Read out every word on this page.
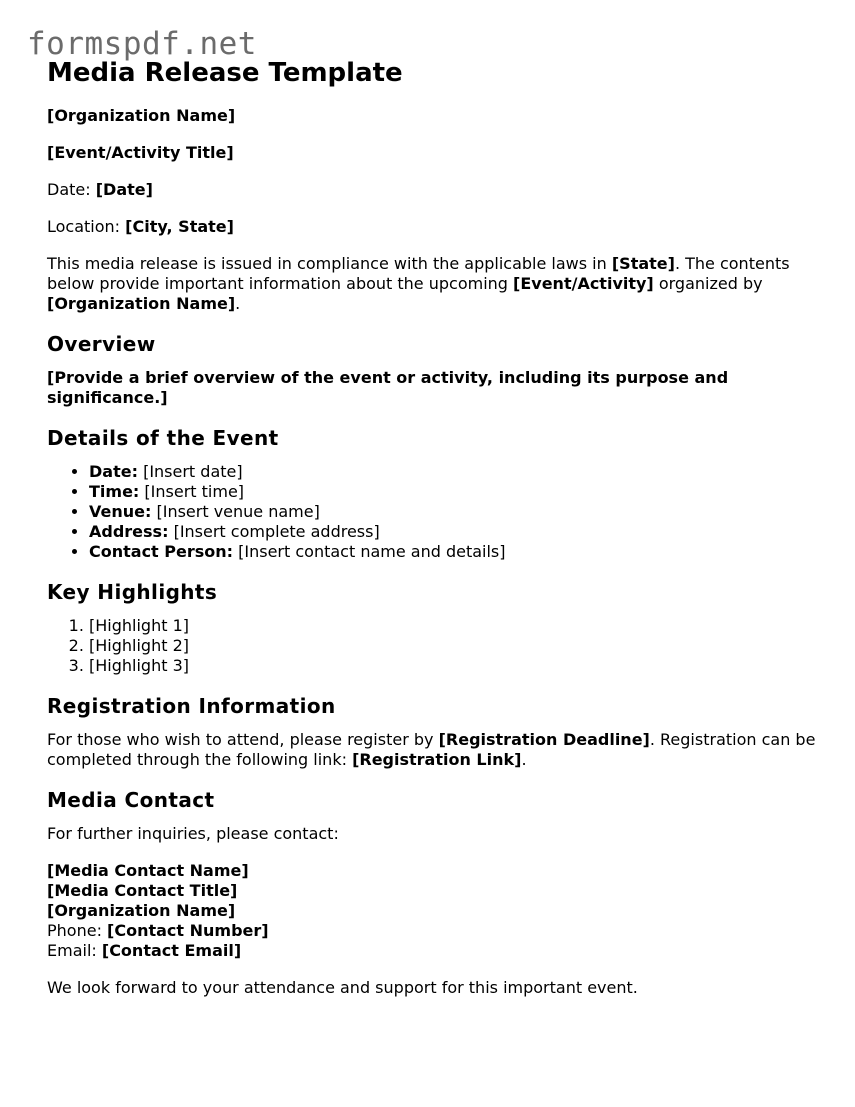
formspdf.net
Media Release Template

[Organization Name]

[Event/Activity Title]

Date: [Date]

Location: [City, State]

This media release is issued in compliance with the applicable laws in [State]. The contents below provide important information about the upcoming [Event/Activity] organized by [Organization Name].

Overview

[Provide a brief overview of the event or activity, including its purpose and significance.]

Details of the Event
• Date: [Insert date]
• Time: [Insert time]
• Venue: [Insert venue name]
• Address: [Insert complete address]
• Contact Person: [Insert contact name and details]
Key Highlights
1. [Highlight 1]
2. [Highlight 2]
3. [Highlight 3]
Registration Information

For those who wish to attend, please register by [Registration Deadline]. Registration can be completed through the following link: [Registration Link].

Media Contact

For further inquiries, please contact:

[Media Contact Name]

[Media Contact Title]

[Organization Name]

Phone: [Contact Number]

Email: [Contact Email]

We look forward to your attendance and support for this important event.
